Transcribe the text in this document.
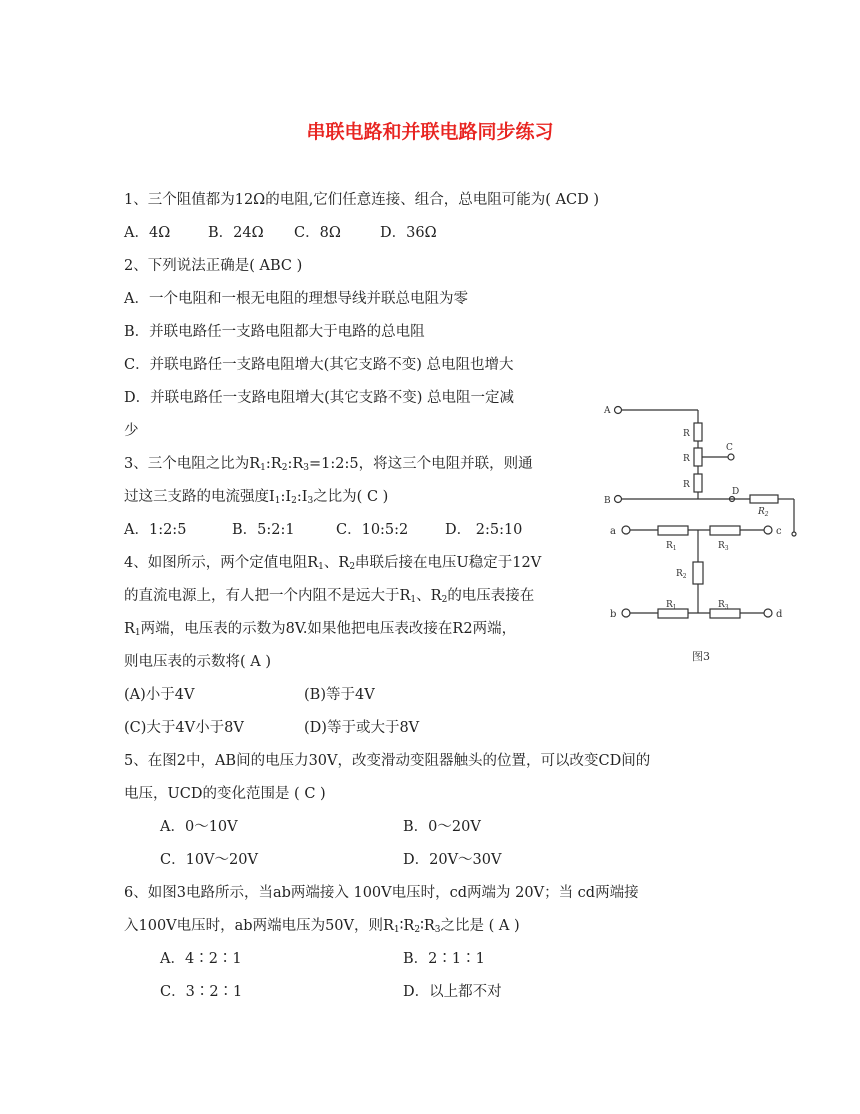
串联电路和并联电路同步练习
1、三个阻值都为12Ω的电阻,它们任意连接、组合，总电阻可能为( ACD )
A．4Ω	B．24Ω C．8Ω	D．36Ω
2、下列说法正确是( ABC )
A．一个电阻和一根无电阻的理想导线并联总电阻为零
B．并联电路任一支路电阻都大于电路的总电阻
C．并联电路任一支路电阻增大(其它支路不变) 总电阻也增大
D．并联电路任一支路电阻增大(其它支路不变) 总电阻一定减
少
3、三个电阻之比为$R_1:R_2:R_3=1:2:5$，将这三个电阻并联，则通
过这三支路的电流强度$I_1:I_2:I_3$之比为( C )
A．1:2:5	B．5:2:1	C．10:5:2	D． 2:5:10
4、如图所示，两个定值电阻$R_1$、$R_2$串联后接在电压U稳定于12V
的直流电源上，有人把一个内阻不是远大于$R_1$、$R_2$的电压表接在
$R_1$两端，电压表的示数为8V.如果他把电压表改接在R2两端，
则电压表的示数将( A )
(A)小于4V	(B)等于4V
(C)大于4V小于8V	(D)等于或大于8V
5、在图2中，AB间的电压力30V，改变滑动变阻器触头的位置，可以改变CD间的
电压，UCD的变化范围是 ( C )
A．0～10V	B．0～20V
C．10V～20V	D．20V～30V
6、如图3电路所示，当ab两端接入 100V电压时，cd两端为 20V；当 cd两端接
入100V电压时，ab两端电压为50V，则$R_1∶R_2∶R_3$之比是 ( A )
A．4∶2∶1	B．2∶1∶1
C．3∶2∶1	D．以上都不对
A
B
C
D
R
R
R
$R_2$
a	c
b	d
$R_1$	$R_3$
$R_2$
$R_1$	$R_3$
图3
